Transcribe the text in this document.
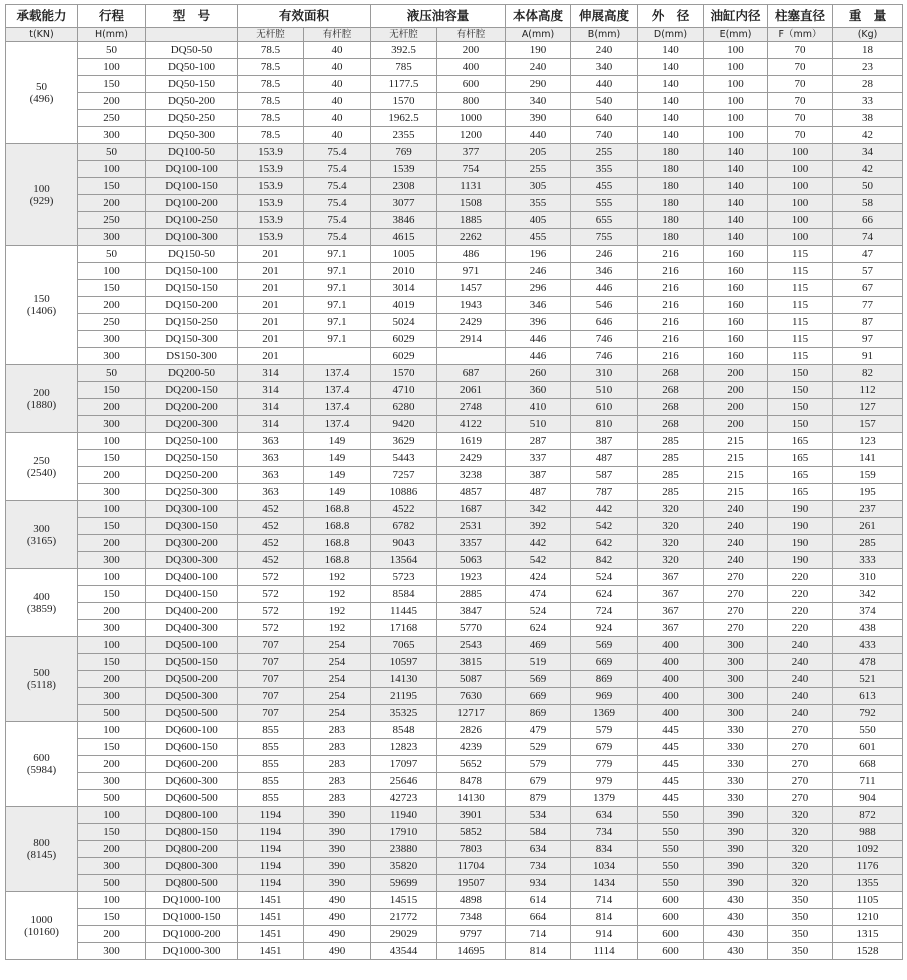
承载能力	行程	型 号	有效面积		液压油容量		本体高度	伸展高度	外 径	油缸内径	柱塞直径	重 量
t(KN)	H(mm)		无杆腔	有杆腔	无杆腔	有杆腔	A(mm)	B(mm)	D(mm)	E(mm)	F（mm）	(Kg)

50
(496)	50	DQ50-50	78.5	40	392.5	200	190	240	140	100	70	18
	100	DQ50-100	78.5	40	785	400	240	340	140	100	70	23
	150	DQ50-150	78.5	40	1177.5	600	290	440	140	100	70	28
	200	DQ50-200	78.5	40	1570	800	340	540	140	100	70	33
	250	DQ50-250	78.5	40	1962.5	1000	390	640	140	100	70	38
	300	DQ50-300	78.5	40	2355	1200	440	740	140	100	70	42

100
(929)	50	DQ100-50	153.9	75.4	769	377	205	255	180	140	100	34
	100	DQ100-100	153.9	75.4	1539	754	255	355	180	140	100	42
	150	DQ100-150	153.9	75.4	2308	1131	305	455	180	140	100	50
	200	DQ100-200	153.9	75.4	3077	1508	355	555	180	140	100	58
	250	DQ100-250	153.9	75.4	3846	1885	405	655	180	140	100	66
	300	DQ100-300	153.9	75.4	4615	2262	455	755	180	140	100	74

150
(1406)	50	DQ150-50	201	97.1	1005	486	196	246	216	160	115	47
	100	DQ150-100	201	97.1	2010	971	246	346	216	160	115	57
	150	DQ150-150	201	97.1	3014	1457	296	446	216	160	115	67
	200	DQ150-200	201	97.1	4019	1943	346	546	216	160	115	77
	250	DQ150-250	201	97.1	5024	2429	396	646	216	160	115	87
	300	DQ150-300	201	97.1	6029	2914	446	746	216	160	115	97
	300	DS150-300	201		6029		446	746	216	160	115	91

200
(1880)	50	DQ200-50	314	137.4	1570	687	260	310	268	200	150	82
	150	DQ200-150	314	137.4	4710	2061	360	510	268	200	150	112
	200	DQ200-200	314	137.4	6280	2748	410	610	268	200	150	127
	300	DQ200-300	314	137.4	9420	4122	510	810	268	200	150	157

250
(2540)	100	DQ250-100	363	149	3629	1619	287	387	285	215	165	123
	150	DQ250-150	363	149	5443	2429	337	487	285	215	165	141
	200	DQ250-200	363	149	7257	3238	387	587	285	215	165	159
	300	DQ250-300	363	149	10886	4857	487	787	285	215	165	195

300
(3165)	100	DQ300-100	452	168.8	4522	1687	342	442	320	240	190	237
	150	DQ300-150	452	168.8	6782	2531	392	542	320	240	190	261
	200	DQ300-200	452	168.8	9043	3357	442	642	320	240	190	285
	300	DQ300-300	452	168.8	13564	5063	542	842	320	240	190	333

400
(3859)	100	DQ400-100	572	192	5723	1923	424	524	367	270	220	310
	150	DQ400-150	572	192	8584	2885	474	624	367	270	220	342
	200	DQ400-200	572	192	11445	3847	524	724	367	270	220	374
	300	DQ400-300	572	192	17168	5770	624	924	367	270	220	438

500
(5118)	100	DQ500-100	707	254	7065	2543	469	569	400	300	240	433
	150	DQ500-150	707	254	10597	3815	519	669	400	300	240	478
	200	DQ500-200	707	254	14130	5087	569	869	400	300	240	521
	300	DQ500-300	707	254	21195	7630	669	969	400	300	240	613
	500	DQ500-500	707	254	35325	12717	869	1369	400	300	240	792

600
(5984)	100	DQ600-100	855	283	8548	2826	479	579	445	330	270	550
	150	DQ600-150	855	283	12823	4239	529	679	445	330	270	601
	200	DQ600-200	855	283	17097	5652	579	779	445	330	270	668
	300	DQ600-300	855	283	25646	8478	679	979	445	330	270	711
	500	DQ600-500	855	283	42723	14130	879	1379	445	330	270	904

800
(8145)	100	DQ800-100	1194	390	11940	3901	534	634	550	390	320	872
	150	DQ800-150	1194	390	17910	5852	584	734	550	390	320	988
	200	DQ800-200	1194	390	23880	7803	634	834	550	390	320	1092
	300	DQ800-300	1194	390	35820	11704	734	1034	550	390	320	1176
	500	DQ800-500	1194	390	59699	19507	934	1434	550	390	320	1355

1000
(10160)	100	DQ1000-100	1451	490	14515	4898	614	714	600	430	350	1105
	150	DQ1000-150	1451	490	21772	7348	664	814	600	430	350	1210
	200	DQ1000-200	1451	490	29029	9797	714	914	600	430	350	1315
	300	DQ1000-300	1451	490	43544	14695	814	1114	600	430	350	1528
